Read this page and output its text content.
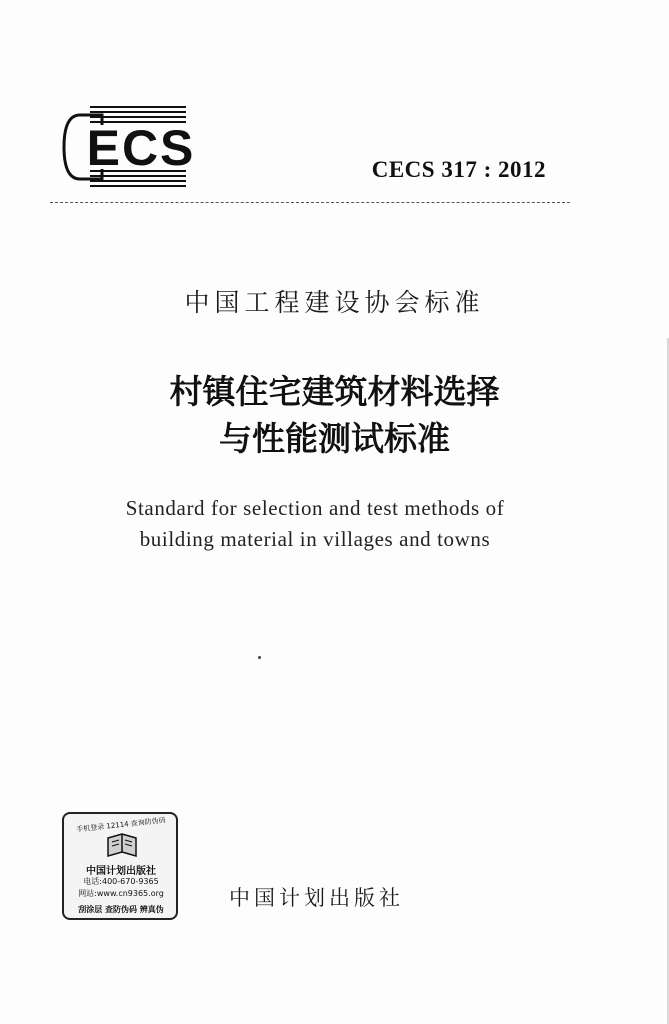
ECS	CECS 317 : 2012
中国工程建设协会标准
村镇住宅建筑材料选择
与性能测试标准
Standard for selection and test methods of
building material in villages and towns
手机登录 12114 查询防伪码
中国计划出版社
电话:400-670-9365
网站:www.cn9365.org
刮涂层 查防伪码 辨真伪	中国计划出版社
